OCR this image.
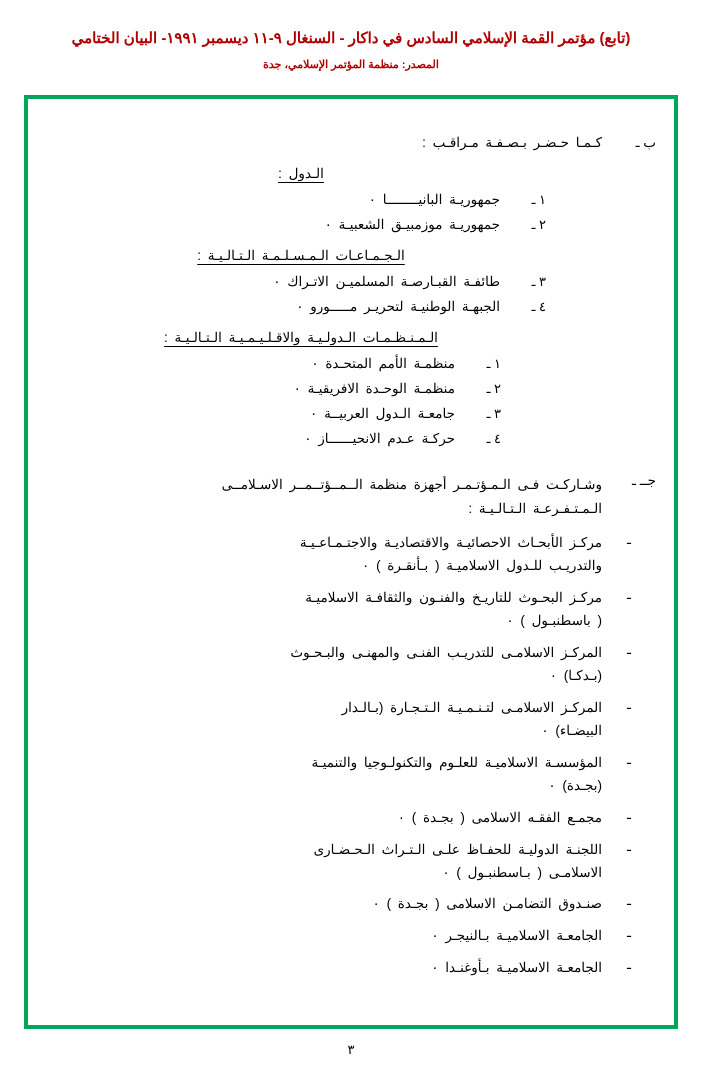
(تابع) مؤتمر القمة الإسلامي السادس في داكار - السنغال ٩-١١ ديسمبر ١٩٩١- البيان الختامي
المصدر: منظمة المؤتمر الإسلامي، جدة
ب ـ
كـمـا حـضـر بـصـفـة مـراقـب :
الـدول :
١ ـ
جمهوريـة البانيــــــــا ٠
٢ ـ
جمهوريـة موزمبيـق الشعبيـة ٠
الـجـمـاعـات الـمـسـلـمـة الـتـالـيـة :
٣ ـ
طائفـة القبـارصـة المسلميـن الاتـراك ٠
٤ ـ
الجبهـة الوطنيـة لتحريـر مـــــورو ٠
الـمـنـظـمـات الـدولـيـة والاقـلـيـمـيـة الـتـالـيـة :
١ ـ
منظمـة الأمم المتحـدة ٠
٢ ـ
منظمـة الوحـدة الافريقيـة ٠
٣ ـ
جامعـة الـدول العربيــة ٠
٤ ـ
حركـة عـدم الانحيــــــاز ٠
جــ ـ
وشـاركـت فـى الـمـؤتـمـر أجهزة منظمة الــمــؤتــمــر الاسـلامــى
الـمـتـفـرعـة الـتـالـيـة :
ـ
مركـز الأبحـاث الاحصائيـة والاقتصاديـة والاجتـمـاعـيـة
والتدريـب للـدول الاسلاميـة ( بـأنقـرة ) ٠
ـ
مركـز البحـوث للتاريـخ والفنـون والثقافـة الاسلاميـة
( باسطنبـول ) ٠
ـ
المركـز الاسلامـى للتدريـب الفنـى والمهنـى والبـحـوث
(بـدكـا) ٠
ـ
المركـز الاسلامـى لتـنـمـيـة الـتـجـارة (بـالـدار
البيضـاء) ٠
ـ
المؤسسـة الاسلاميـة للعلـوم والتكنولـوجيا والتنميـة
(بجـدة) ٠
ـ
مجمـع الفقـه الاسلامى ( بجـدة ) ٠
ـ
اللجنـة الدوليـة للحفـاظ علـى الـتـراث الـحـضـارى
الاسلامـى ( بـاسطنبـول ) ٠
ـ
صنـدوق التضامـن الاسلامى ( بجـدة ) ٠
ـ
الجامعـة الاسلاميـة بـالنيجـر ٠
ـ
الجامعـة الاسلاميـة بـأوغنـدا ٠
٣
